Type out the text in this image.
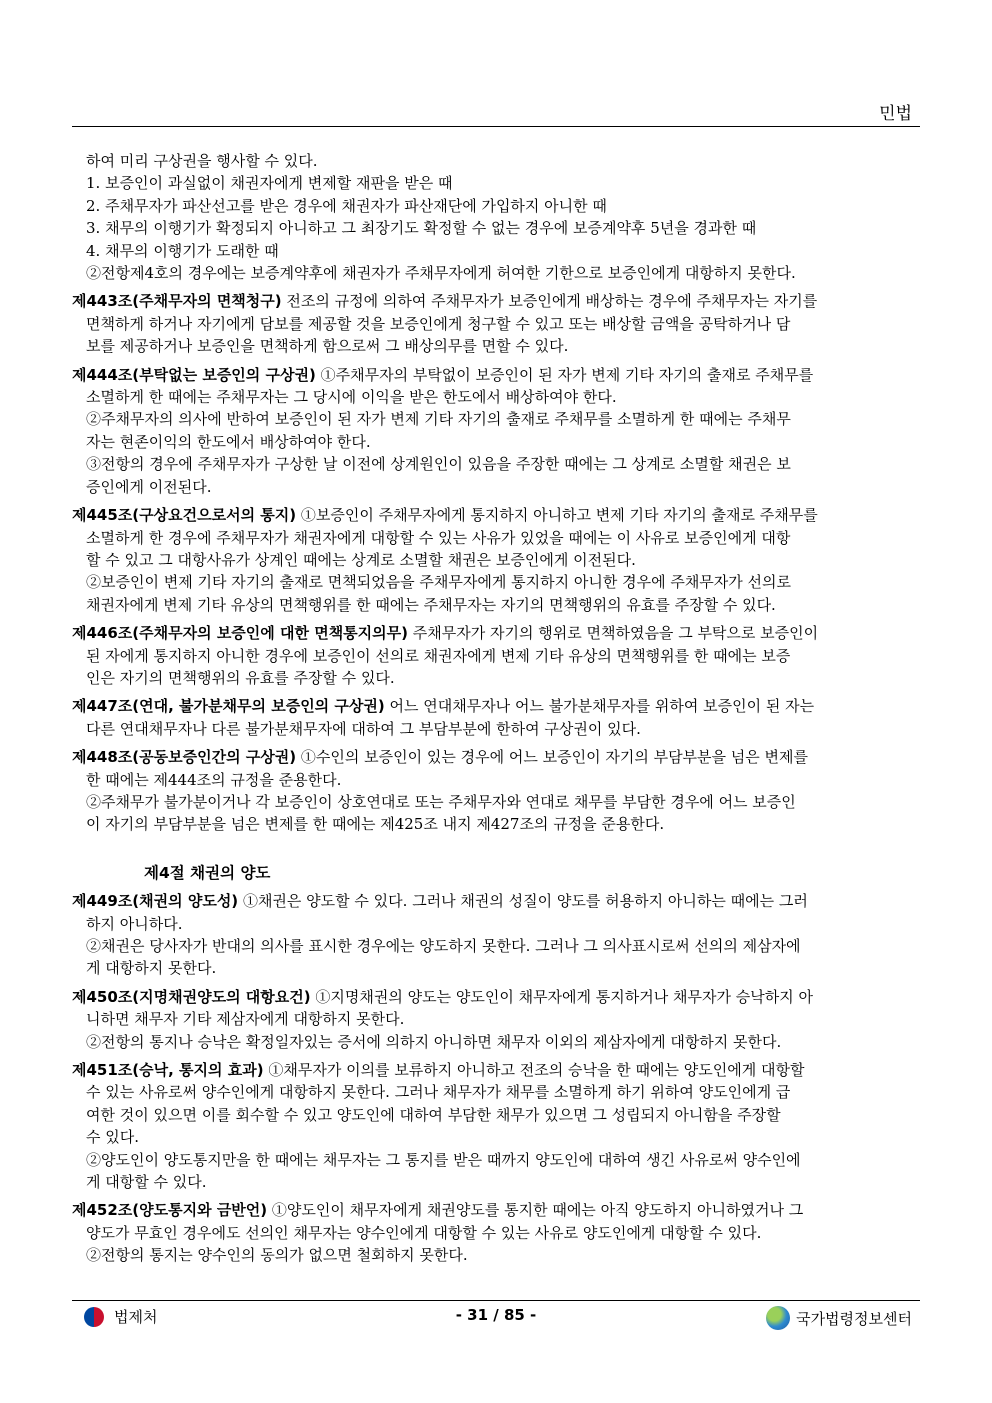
민법
하여 미리 구상권을 행사할 수 있다.
1. 보증인이 과실없이 채권자에게 변제할 재판을 받은 때
2. 주채무자가 파산선고를 받은 경우에 채권자가 파산재단에 가입하지 아니한 때
3. 채무의 이행기가 확정되지 아니하고 그 최장기도 확정할 수 없는 경우에 보증계약후 5년을 경과한 때
4. 채무의 이행기가 도래한 때
②전항제4호의 경우에는 보증계약후에 채권자가 주채무자에게 허여한 기한으로 보증인에게 대항하지 못한다.
제443조(주채무자의 면책청구) 전조의 규정에 의하여 주채무자가 보증인에게 배상하는 경우에 주채무자는 자기를
면책하게 하거나 자기에게 담보를 제공할 것을 보증인에게 청구할 수 있고 또는 배상할 금액을 공탁하거나 담
보를 제공하거나 보증인을 면책하게 함으로써 그 배상의무를 면할 수 있다.
제444조(부탁없는 보증인의 구상권) ①주채무자의 부탁없이 보증인이 된 자가 변제 기타 자기의 출재로 주채무를
소멸하게 한 때에는 주채무자는 그 당시에 이익을 받은 한도에서 배상하여야 한다.
②주채무자의 의사에 반하여 보증인이 된 자가 변제 기타 자기의 출재로 주채무를 소멸하게 한 때에는 주채무
자는 현존이익의 한도에서 배상하여야 한다.
③전항의 경우에 주채무자가 구상한 날 이전에 상계원인이 있음을 주장한 때에는 그 상계로 소멸할 채권은 보
증인에게 이전된다.
제445조(구상요건으로서의 통지) ①보증인이 주채무자에게 통지하지 아니하고 변제 기타 자기의 출재로 주채무를
소멸하게 한 경우에 주채무자가 채권자에게 대항할 수 있는 사유가 있었을 때에는 이 사유로 보증인에게 대항
할 수 있고 그 대항사유가 상계인 때에는 상계로 소멸할 채권은 보증인에게 이전된다.
②보증인이 변제 기타 자기의 출재로 면책되었음을 주채무자에게 통지하지 아니한 경우에 주채무자가 선의로
채권자에게 변제 기타 유상의 면책행위를 한 때에는 주채무자는 자기의 면책행위의 유효를 주장할 수 있다.
제446조(주채무자의 보증인에 대한 면책통지의무) 주채무자가 자기의 행위로 면책하였음을 그 부탁으로 보증인이
된 자에게 통지하지 아니한 경우에 보증인이 선의로 채권자에게 변제 기타 유상의 면책행위를 한 때에는 보증
인은 자기의 면책행위의 유효를 주장할 수 있다.
제447조(연대, 불가분채무의 보증인의 구상권) 어느 연대채무자나 어느 불가분채무자를 위하여 보증인이 된 자는
다른 연대채무자나 다른 불가분채무자에 대하여 그 부담부분에 한하여 구상권이 있다.
제448조(공동보증인간의 구상권) ①수인의 보증인이 있는 경우에 어느 보증인이 자기의 부담부분을 넘은 변제를
한 때에는 제444조의 규정을 준용한다.
②주채무가 불가분이거나 각 보증인이 상호연대로 또는 주채무자와 연대로 채무를 부담한 경우에 어느 보증인
이 자기의 부담부분을 넘은 변제를 한 때에는 제425조 내지 제427조의 규정을 준용한다.
제4절 채권의 양도
제449조(채권의 양도성) ①채권은 양도할 수 있다. 그러나 채권의 성질이 양도를 허용하지 아니하는 때에는 그러
하지 아니하다.
②채권은 당사자가 반대의 의사를 표시한 경우에는 양도하지 못한다. 그러나 그 의사표시로써 선의의 제삼자에
게 대항하지 못한다.
제450조(지명채권양도의 대항요건) ①지명채권의 양도는 양도인이 채무자에게 통지하거나 채무자가 승낙하지 아
니하면 채무자 기타 제삼자에게 대항하지 못한다.
②전항의 통지나 승낙은 확정일자있는 증서에 의하지 아니하면 채무자 이외의 제삼자에게 대항하지 못한다.
제451조(승낙, 통지의 효과) ①채무자가 이의를 보류하지 아니하고 전조의 승낙을 한 때에는 양도인에게 대항할
수 있는 사유로써 양수인에게 대항하지 못한다. 그러나 채무자가 채무를 소멸하게 하기 위하여 양도인에게 급
여한 것이 있으면 이를 회수할 수 있고 양도인에 대하여 부담한 채무가 있으면 그 성립되지 아니함을 주장할
수 있다.
②양도인이 양도통지만을 한 때에는 채무자는 그 통지를 받은 때까지 양도인에 대하여 생긴 사유로써 양수인에
게 대항할 수 있다.
제452조(양도통지와 금반언) ①양도인이 채무자에게 채권양도를 통지한 때에는 아직 양도하지 아니하였거나 그
양도가 무효인 경우에도 선의인 채무자는 양수인에게 대항할 수 있는 사유로 양도인에게 대항할 수 있다.
②전항의 통지는 양수인의 동의가 없으면 철회하지 못한다.
법제처	- 31 / 85 -	국가법령정보센터
